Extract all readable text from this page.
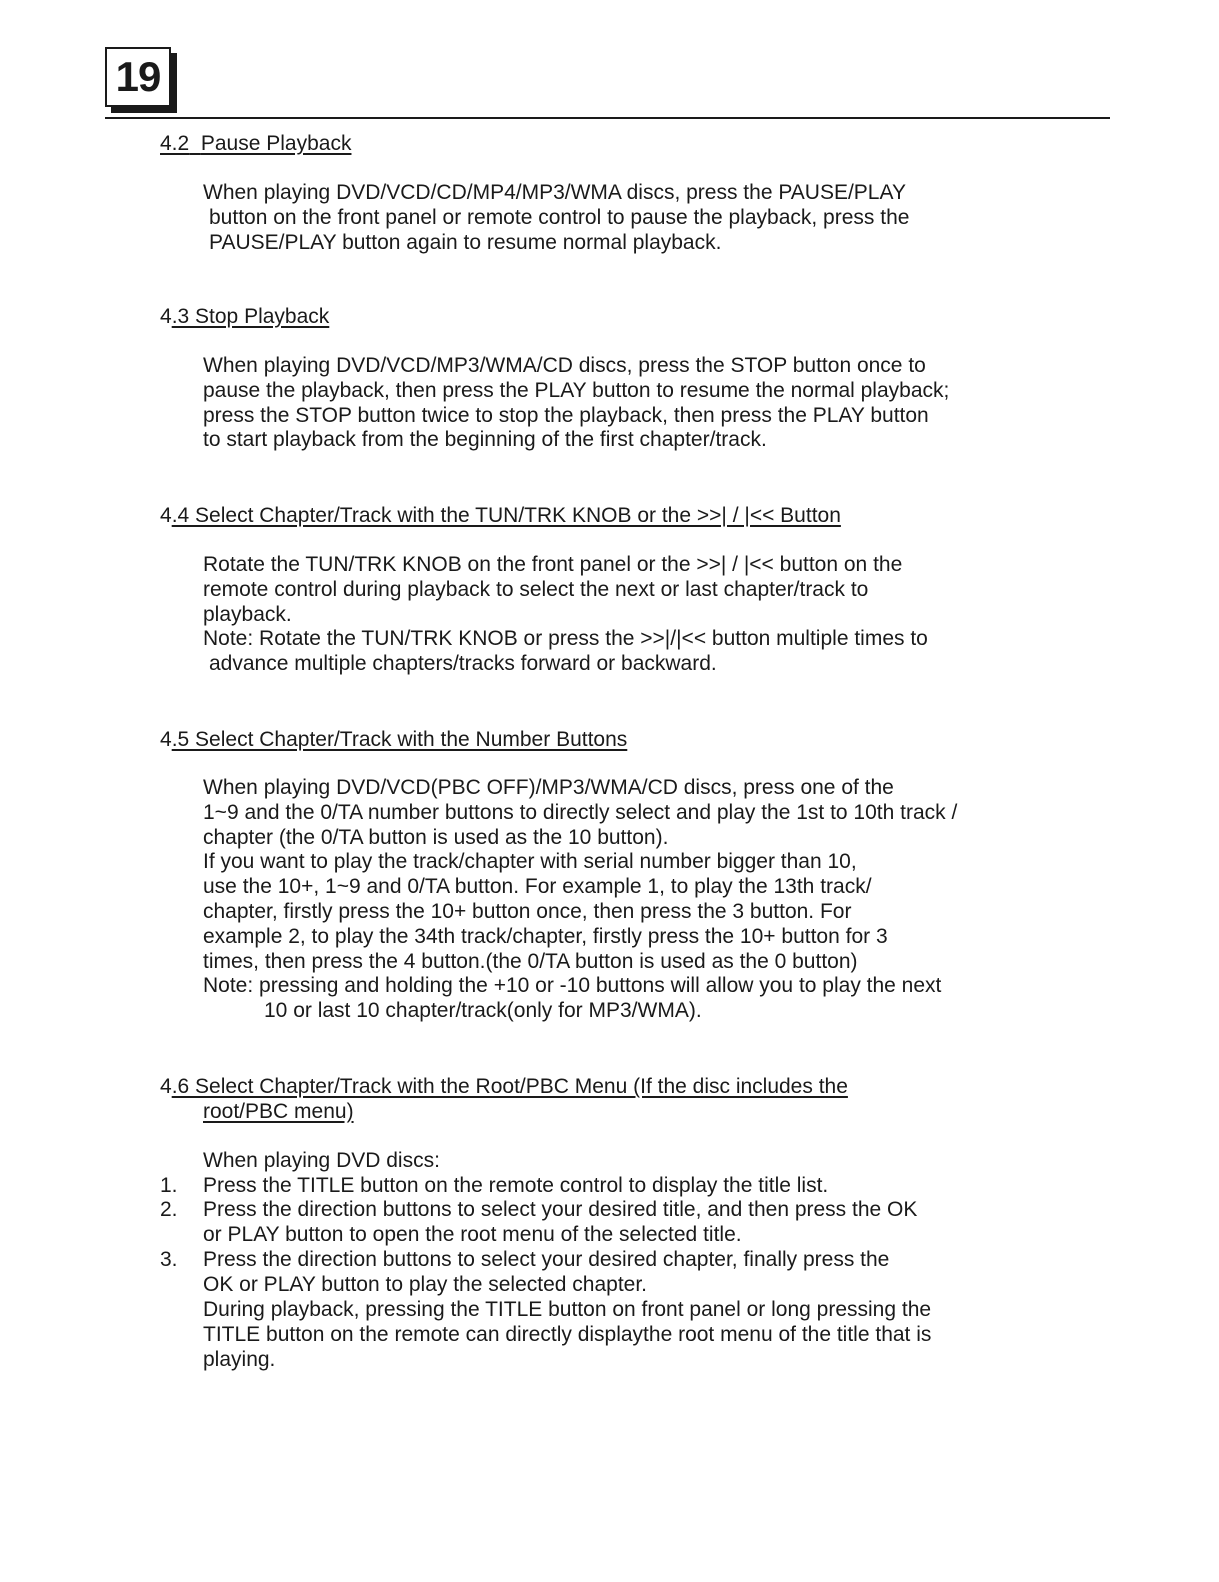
19
4.2 Pause Playback
When playing DVD/VCD/CD/MP4/MP3/WMA discs, press the PAUSE/PLAY
button on the front panel or remote control to pause the playback, press the
PAUSE/PLAY button again to resume normal playback.
4.3 Stop Playback
When playing DVD/VCD/MP3/WMA/CD discs, press the STOP button once to
pause the playback, then press the PLAY button to resume the normal playback;
press the STOP button twice to stop the playback, then press the PLAY button
to start playback from the beginning of the first chapter/track.
4.4 Select Chapter/Track with the TUN/TRK KNOB or the >>| / |<< Button
Rotate the TUN/TRK KNOB on the front panel or the >>| / |<< button on the
remote control during playback to select the next or last chapter/track to
playback.
Note: Rotate the TUN/TRK KNOB or press the >>|/|<< button multiple times to
advance multiple chapters/tracks forward or backward.
4.5 Select Chapter/Track with the Number Buttons
When playing DVD/VCD(PBC OFF)/MP3/WMA/CD discs, press one of the
1~9 and the 0/TA number buttons to directly select and play the 1st to 10th track /
chapter (the 0/TA button is used as the 10 button).
If you want to play the track/chapter with serial number bigger than 10,
use the 10+, 1~9 and 0/TA button. For example 1, to play the 13th track/
chapter, firstly press the 10+ button once, then press the 3 button. For
example 2, to play the 34th track/chapter, firstly press the 10+ button for 3
times, then press the 4 button.(the 0/TA button is used as the 0 button)
Note: pressing and holding the +10 or -10 buttons will allow you to play the next
10 or last 10 chapter/track(only for MP3/WMA).
4.6 Select Chapter/Track with the Root/PBC Menu (If the disc includes the
root/PBC menu)
When playing DVD discs:
1. Press the TITLE button on the remote control to display the title list.
2. Press the direction buttons to select your desired title, and then press the OK
or PLAY button to open the root menu of the selected title.
3. Press the direction buttons to select your desired chapter, finally press the
OK or PLAY button to play the selected chapter.
During playback, pressing the TITLE button on front panel or long pressing the
TITLE button on the remote can directly displaythe root menu of the title that is
playing.
